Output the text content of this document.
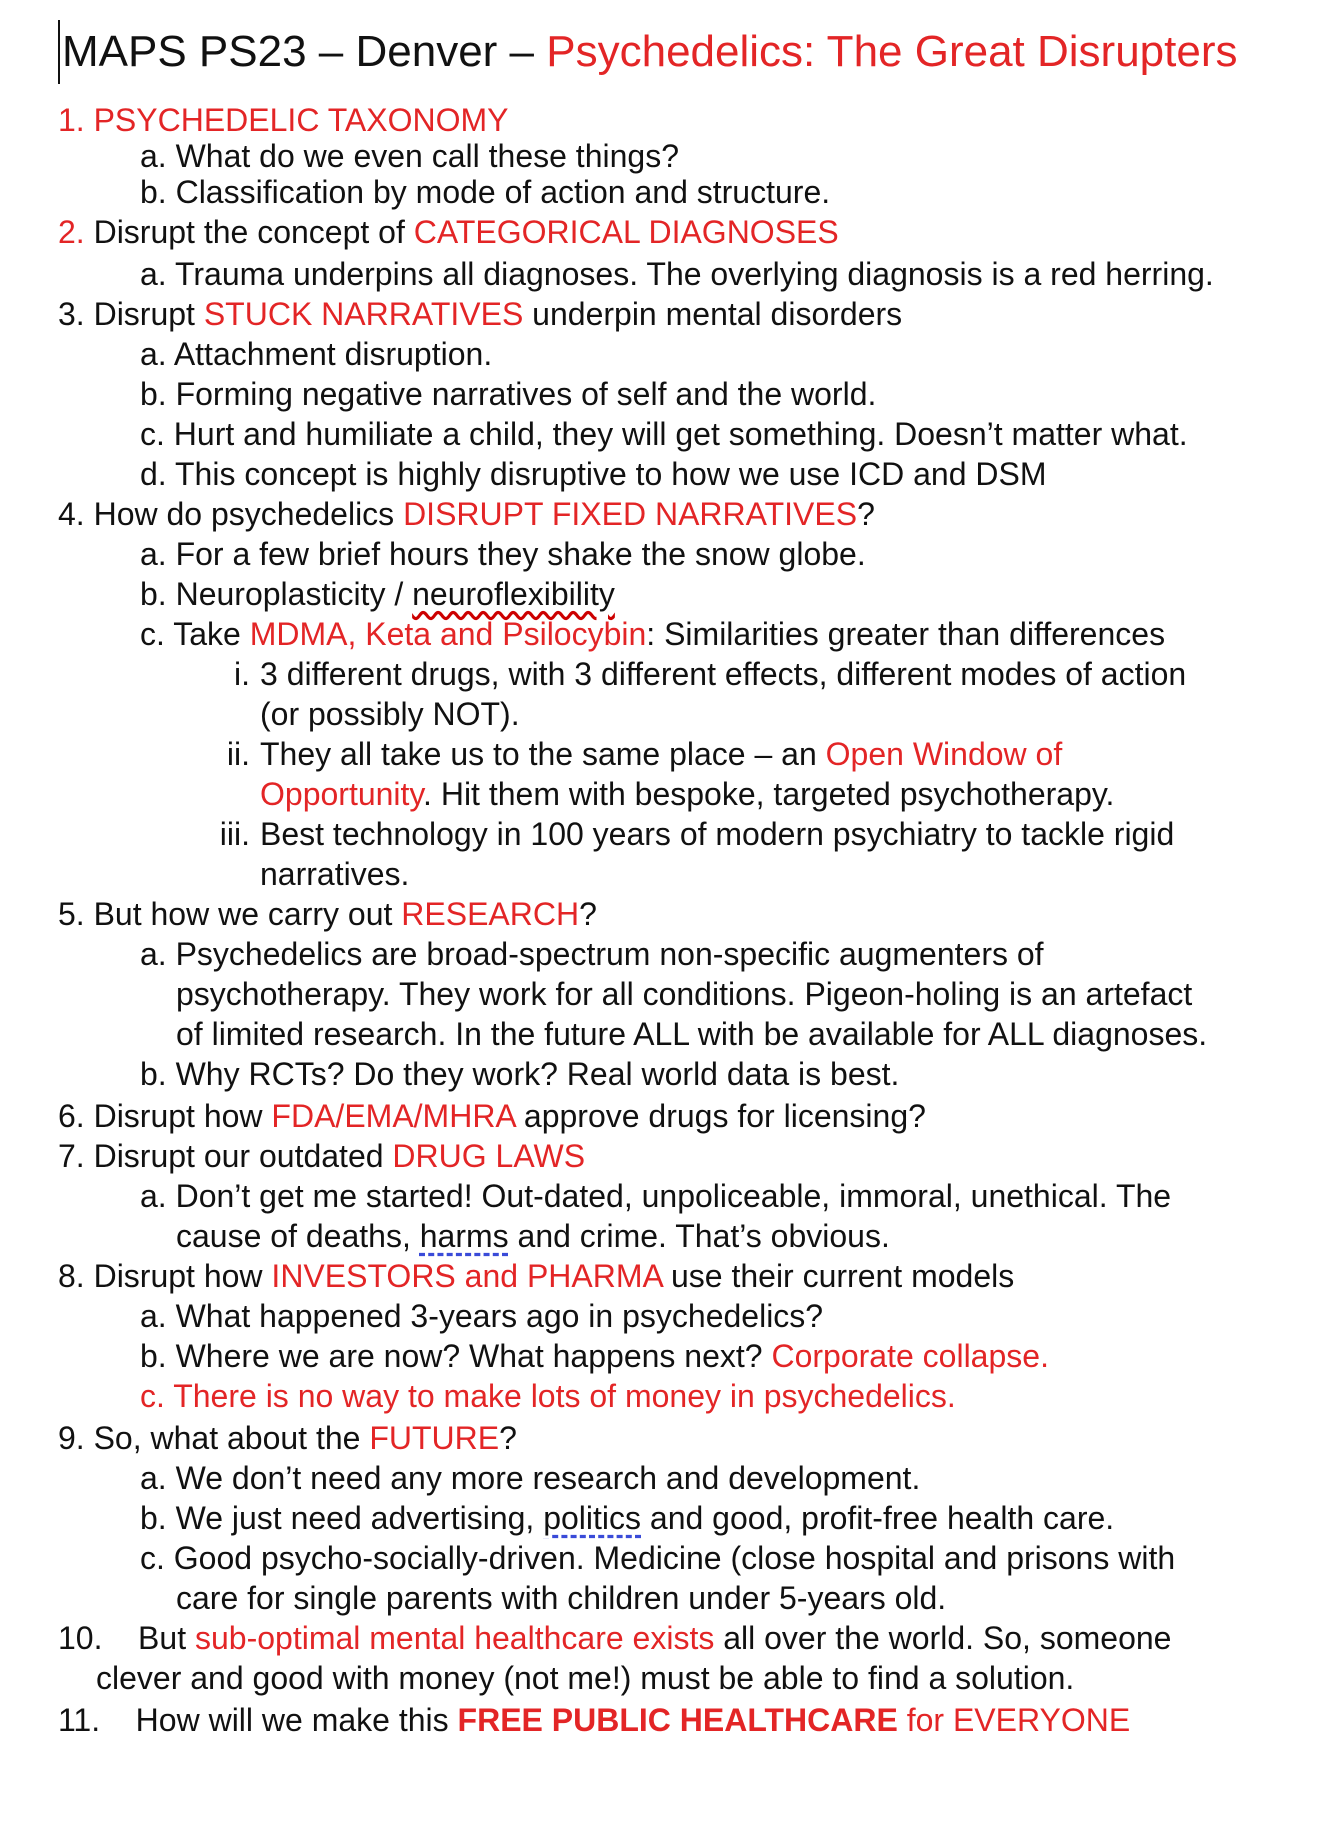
MAPS PS23 – Denver – Psychedelics: The Great Disrupters
1. PSYCHEDELIC TAXONOMY
a. What do we even call these things?
b. Classification by mode of action and structure.
2. Disrupt the concept of CATEGORICAL DIAGNOSES
a. Trauma underpins all diagnoses. The overlying diagnosis is a red herring.
3. Disrupt STUCK NARRATIVES underpin mental disorders
a. Attachment disruption.
b. Forming negative narratives of self and the world.
c. Hurt and humiliate a child, they will get something. Doesn’t matter what.
d. This concept is highly disruptive to how we use ICD and DSM
4. How do psychedelics DISRUPT FIXED NARRATIVES?
a. For a few brief hours they shake the snow globe.
b. Neuroplasticity / neuroflexibility
c. Take MDMA, Keta and Psilocybin: Similarities greater than differences
i. 3 different drugs, with 3 different effects, different modes of action
(or possibly NOT).
ii. They all take us to the same place – an Open Window of
Opportunity. Hit them with bespoke, targeted psychotherapy.
iii. Best technology in 100 years of modern psychiatry to tackle rigid
narratives.
5. But how we carry out RESEARCH?
a. Psychedelics are broad-spectrum non-specific augmenters of
psychotherapy. They work for all conditions. Pigeon-holing is an artefact
of limited research. In the future ALL with be available for ALL diagnoses.
b. Why RCTs? Do they work? Real world data is best.
6. Disrupt how FDA/EMA/MHRA approve drugs for licensing?
7. Disrupt our outdated DRUG LAWS
a. Don’t get me started! Out-dated, unpoliceable, immoral, unethical. The
cause of deaths, harms and crime. That’s obvious.
8. Disrupt how INVESTORS and PHARMA use their current models
a. What happened 3-years ago in psychedelics?
b. Where we are now? What happens next? Corporate collapse.
c. There is no way to make lots of money in psychedelics.
9. So, what about the FUTURE?
a. We don’t need any more research and development.
b. We just need advertising, politics and good, profit-free health care.
c. Good psycho-socially-driven. Medicine (close hospital and prisons with
care for single parents with children under 5-years old.
10. But sub-optimal mental healthcare exists all over the world. So, someone
clever and good with money (not me!) must be able to find a solution.
11. How will we make this FREE PUBLIC HEALTHCARE for EVERYONE
